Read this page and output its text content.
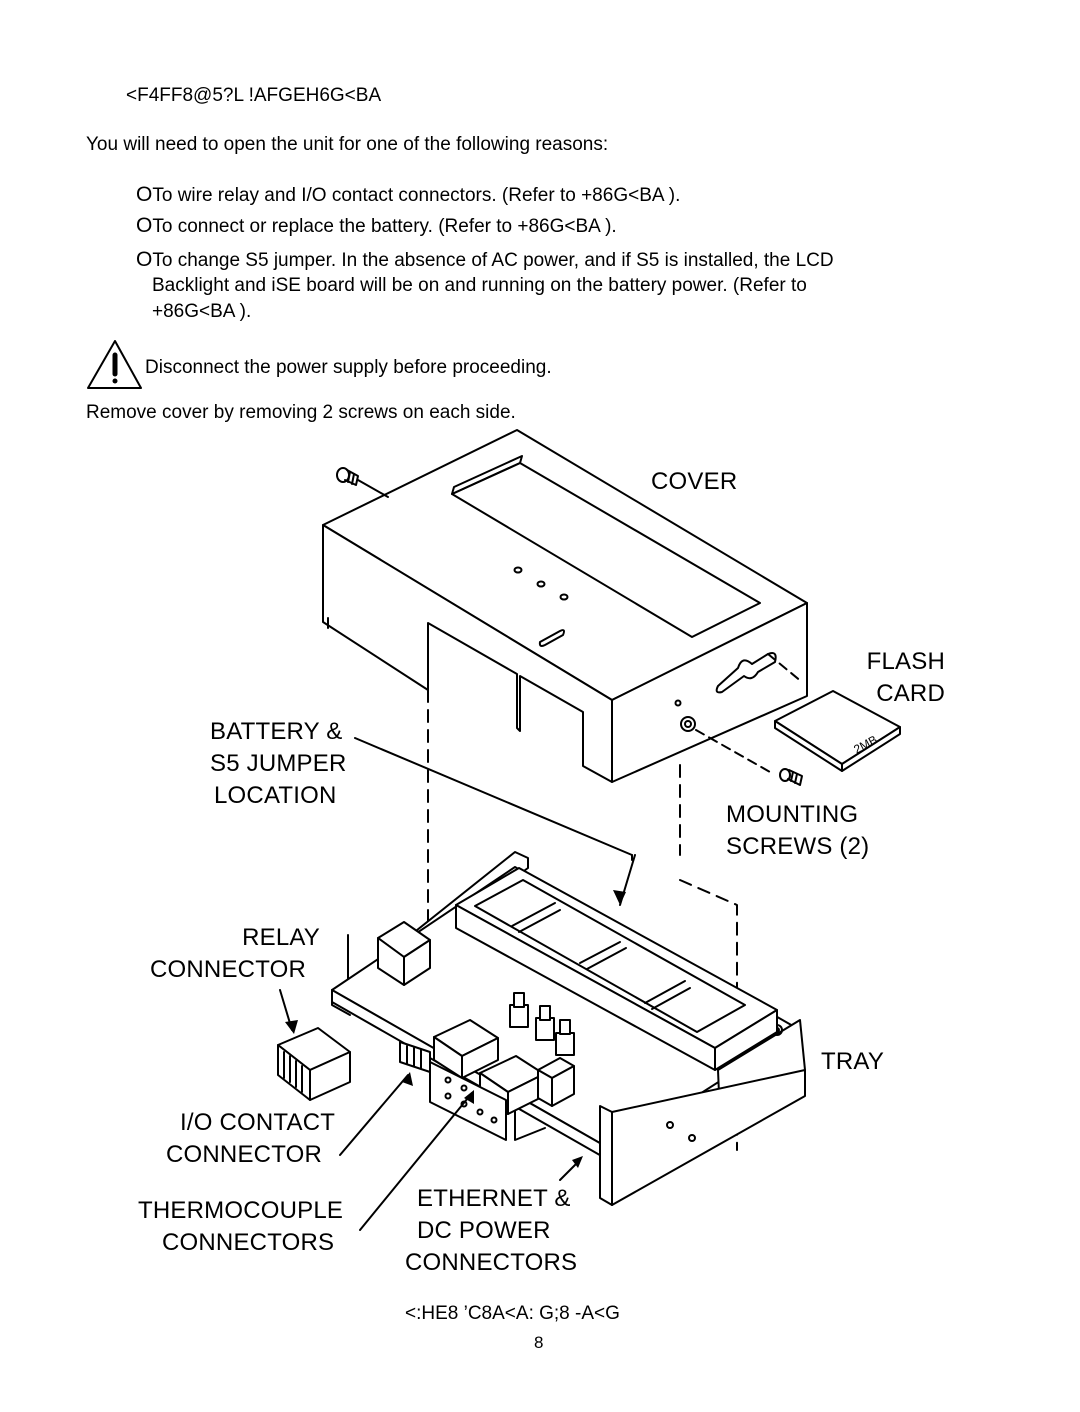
<F4FF8@5?L !AFGEH6G<BA
You will need to open the unit for one of the following reasons:
OTo wire relay and I/O contact connectors. (Refer to +86G<BA ).
OTo connect or replace the battery. (Refer to +86G<BA ).
OTo change S5 jumper. In the absence of AC power, and if S5 is installed, the LCD
Backlight and iSE board will be on and running on the battery power. (Refer to
+86G<BA ).
Disconnect the power supply before proceeding.
Remove cover by removing 2 screws on each side.
2MB
COVER
FLASH
CARD
BATTERY &
S5 JUMPER
LOCATION
MOUNTING
SCREWS (2)
RELAY
CONNECTOR
TRAY
I/O CONTACT
CONNECTOR
THERMOCOUPLE
CONNECTORS
ETHERNET &
DC POWER
CONNECTORS
<:HE8 ’C8A<A: G;8 -A<G
8
